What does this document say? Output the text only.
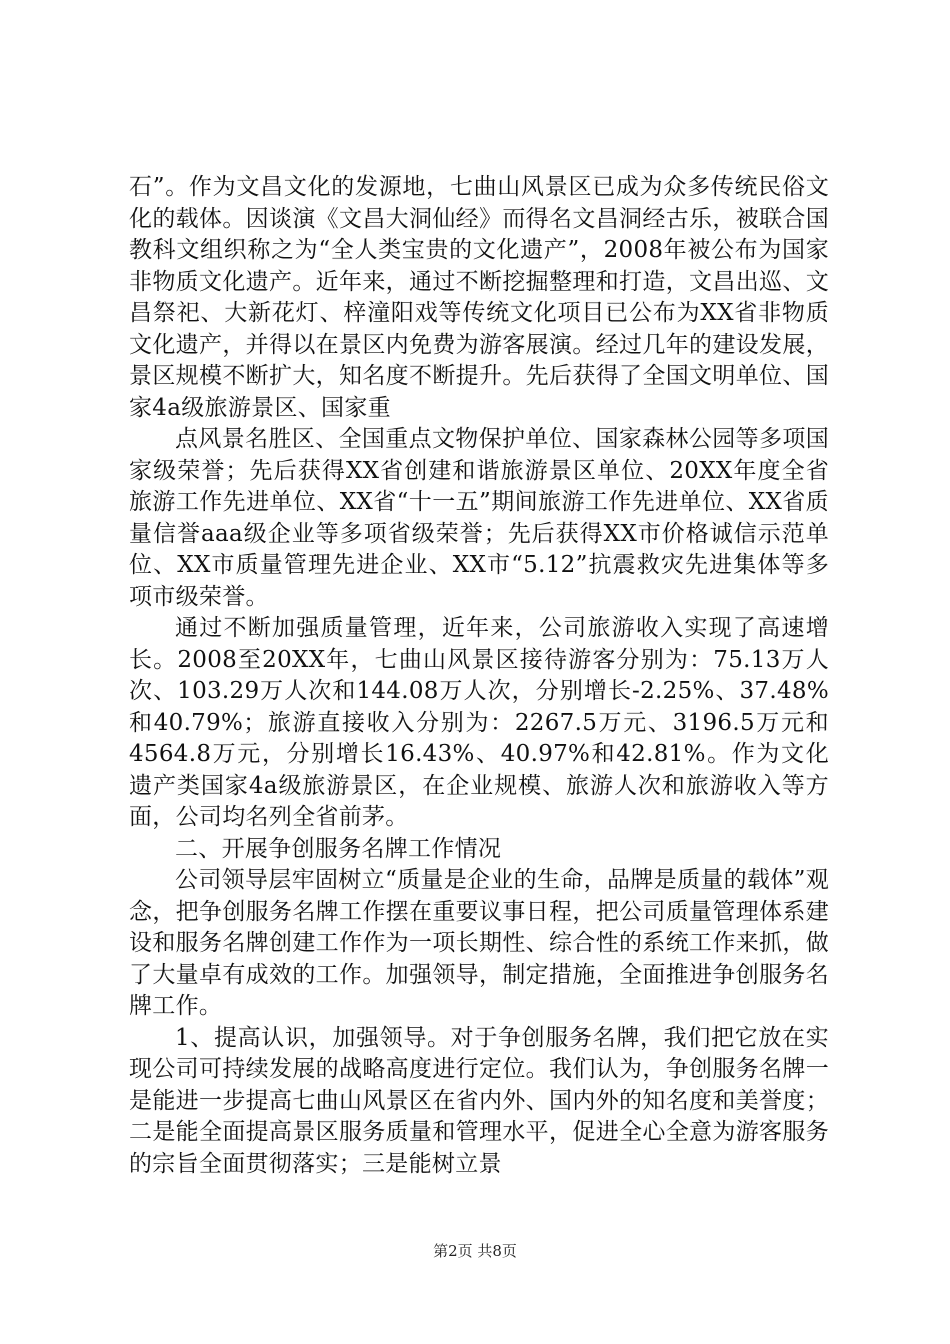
石”。作为文昌文化的发源地，七曲山风景区已成为众多传统民俗文化的载体。因谈演《文昌大洞仙经》而得名文昌洞经古乐，被联合国教科文组织称之为“全人类宝贵的文化遗产”，2008年被公布为国家非物质文化遗产。近年来，通过不断挖掘整理和打造，文昌出巡、文昌祭祀、大新花灯、梓潼阳戏等传统文化项目已公布为XX省非物质文化遗产，并得以在景区内免费为游客展演。经过几年的建设发展，景区规模不断扩大，知名度不断提升。先后获得了全国文明单位、国家4a级旅游景区、国家重

点风景名胜区、全国重点文物保护单位、国家森林公园等多项国家级荣誉；先后获得XX省创建和谐旅游景区单位、20XX年度全省旅游工作先进单位、XX省“十一五”期间旅游工作先进单位、XX省质量信誉aaa级企业等多项省级荣誉；先后获得XX市价格诚信示范单位、XX市质量管理先进企业、XX市“5.12”抗震救灾先进集体等多项市级荣誉。

通过不断加强质量管理，近年来，公司旅游收入实现了高速增长。2008至20XX年，七曲山风景区接待游客分别为：75.13万人次、103.29万人次和144.08万人次，分别增长-2.25%、37.48%和40.79%；旅游直接收入分别为：2267.5万元、3196.5万元和4564.8万元，分别增长16.43%、40.97%和42.81%。作为文化遗产类国家4a级旅游景区，在企业规模、旅游人次和旅游收入等方面，公司均名列全省前茅。

二、开展争创服务名牌工作情况

公司领导层牢固树立“质量是企业的生命，品牌是质量的载体”观念，把争创服务名牌工作摆在重要议事日程，把公司质量管理体系建设和服务名牌创建工作作为一项长期性、综合性的系统工作来抓，做了大量卓有成效的工作。加强领导，制定措施，全面推进争创服务名牌工作。

1、提高认识，加强领导。对于争创服务名牌，我们把它放在实现公司可持续发展的战略高度进行定位。我们认为，争创服务名牌一是能进一步提高七曲山风景区在省内外、国内外的知名度和美誉度；二是能全面提高景区服务质量和管理水平，促进全心全意为游客服务的宗旨全面贯彻落实；三是能树立景

第2页 共8页
